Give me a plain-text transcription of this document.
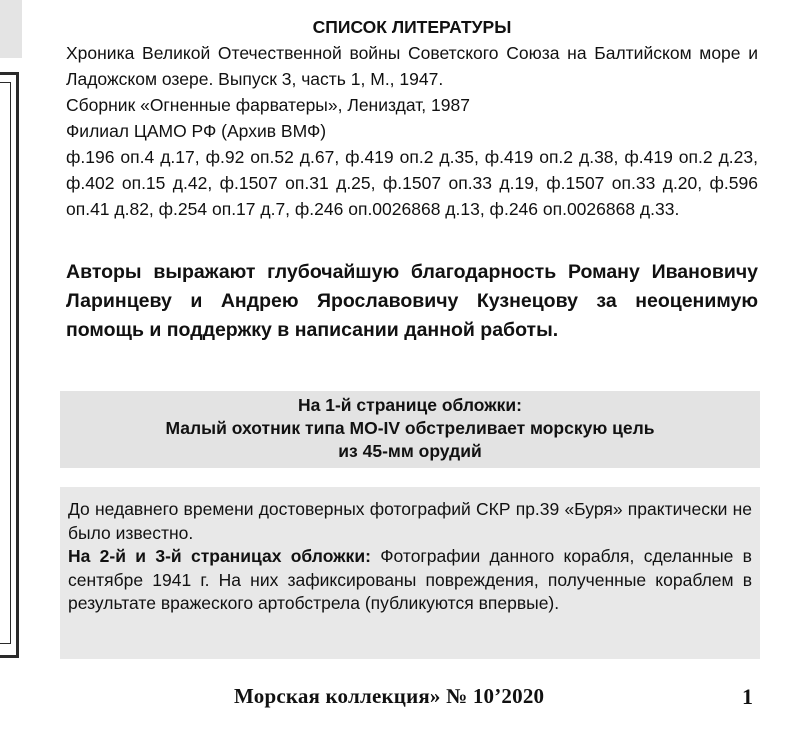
СПИСОК ЛИТЕРАТУРЫ

Хроника Великой Отечественной войны Советского Союза на Балтийском море и Ладожском озере. Выпуск 3, часть 1, М., 1947.

Сборник «Огненные фарватеры», Лениздат, 1987

Филиал ЦАМО РФ (Архив ВМФ)

ф.196 оп.4 д.17, ф.92 оп.52 д.67, ф.419 оп.2 д.35, ф.419 оп.2 д.38, ф.419 оп.2 д.23, ф.402 оп.15 д.42, ф.1507 оп.31 д.25, ф.1507 оп.33 д.19, ф.1507 оп.33 д.20, ф.596 оп.41 д.82, ф.254 оп.17 д.7, ф.246 оп.0026868 д.13, ф.246 оп.0026868 д.33.

Авторы выражают глубочайшую благодарность Роману Ивановичу Ларинцеву и Андрею Ярославовичу Кузнецову за неоценимую помощь и поддержку в написании данной работы.

На 1-й странице обложки:
Малый охотник типа МО-IV обстреливает морскую цель
из 45-мм орудий

До недавнего времени достоверных фотографий СКР пр.39 «Буря» практически не было известно.

На 2-й и 3-й страницах обложки: Фотографии данного корабля, сделанные в сентябре 1941 г. На них зафиксированы повреждения, полученные кораблем в результате вражеского артобстрела (публикуются впервые).

Морская коллекция» № 10’2020	1
